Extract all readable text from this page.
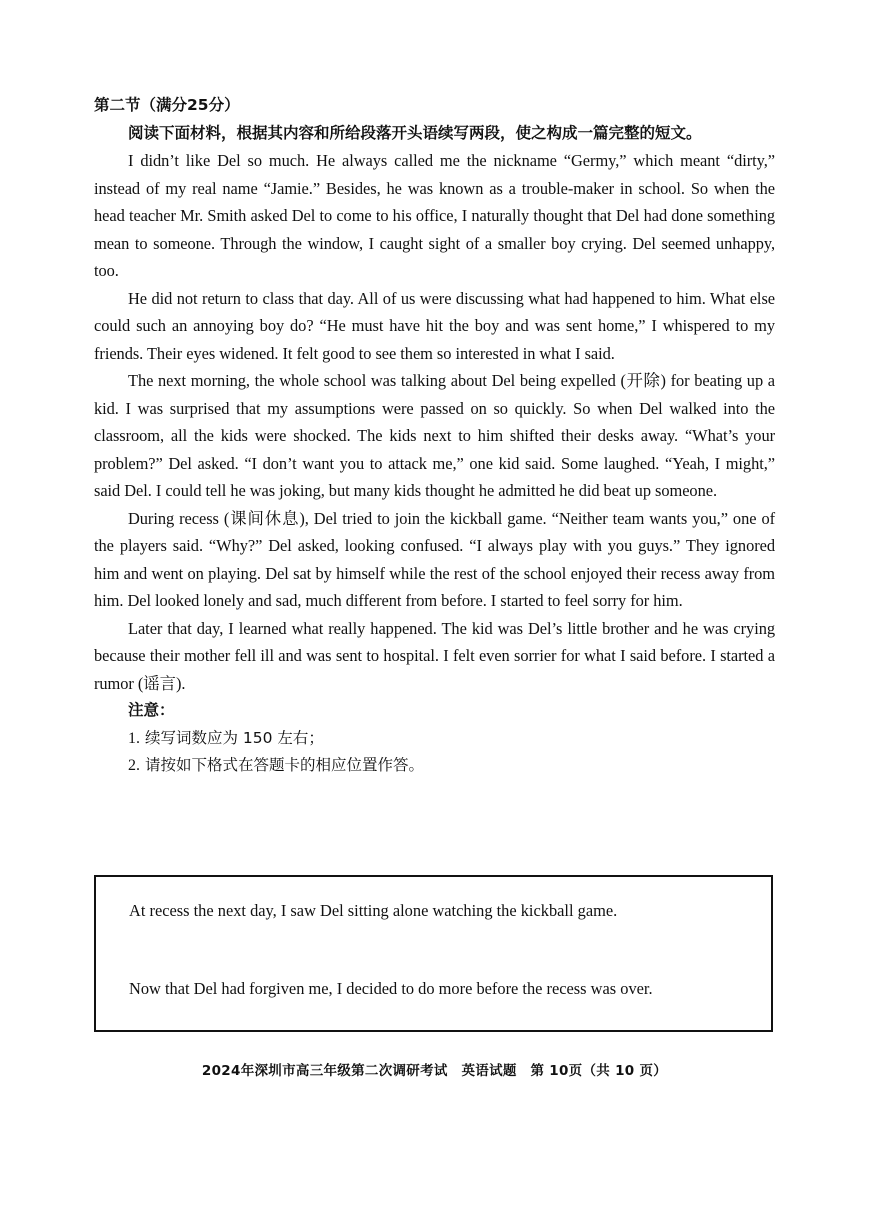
第二节（满分25分）

阅读下面材料，根据其内容和所给段落开头语续写两段，使之构成一篇完整的短文。

I didn’t like Del so much. He always called me the nickname “Germy,” which meant “dirty,” instead of my real name “Jamie.” Besides, he was known as a trouble-maker in school. So when the head teacher Mr. Smith asked Del to come to his office, I naturally thought that Del had done something mean to someone. Through the window, I caught sight of a smaller boy crying. Del seemed unhappy, too.

He did not return to class that day. All of us were discussing what had happened to him. What else could such an annoying boy do? “He must have hit the boy and was sent home,” I whispered to my friends. Their eyes widened. It felt good to see them so interested in what I said.

The next morning, the whole school was talking about Del being expelled (开除) for beating up a kid. I was surprised that my assumptions were passed on so quickly. So when Del walked into the classroom, all the kids were shocked. The kids next to him shifted their desks away. “What’s your problem?” Del asked. “I don’t want you to attack me,” one kid said. Some laughed. “Yeah, I might,” said Del. I could tell he was joking, but many kids thought he admitted he did beat up someone.

During recess (课间休息), Del tried to join the kickball game. “Neither team wants you,” one of the players said. “Why?” Del asked, looking confused. “I always play with you guys.” They ignored him and went on playing. Del sat by himself while the rest of the school enjoyed their recess away from him. Del looked lonely and sad, much different from before. I started to feel sorry for him.

Later that day, I learned what really happened. The kid was Del’s little brother and he was crying because their mother fell ill and was sent to hospital. I felt even sorrier for what I said before. I started a rumor (谣言).

注意：

1. 续写词数应为 150 左右；

2. 请按如下格式在答题卡的相应位置作答。

At recess the next day, I saw Del sitting alone watching the kickball game.

Now that Del had forgiven me, I decided to do more before the recess was over.

2024年深圳市高三年级第二次调研考试　英语试题　第 10页（共 10 页）
